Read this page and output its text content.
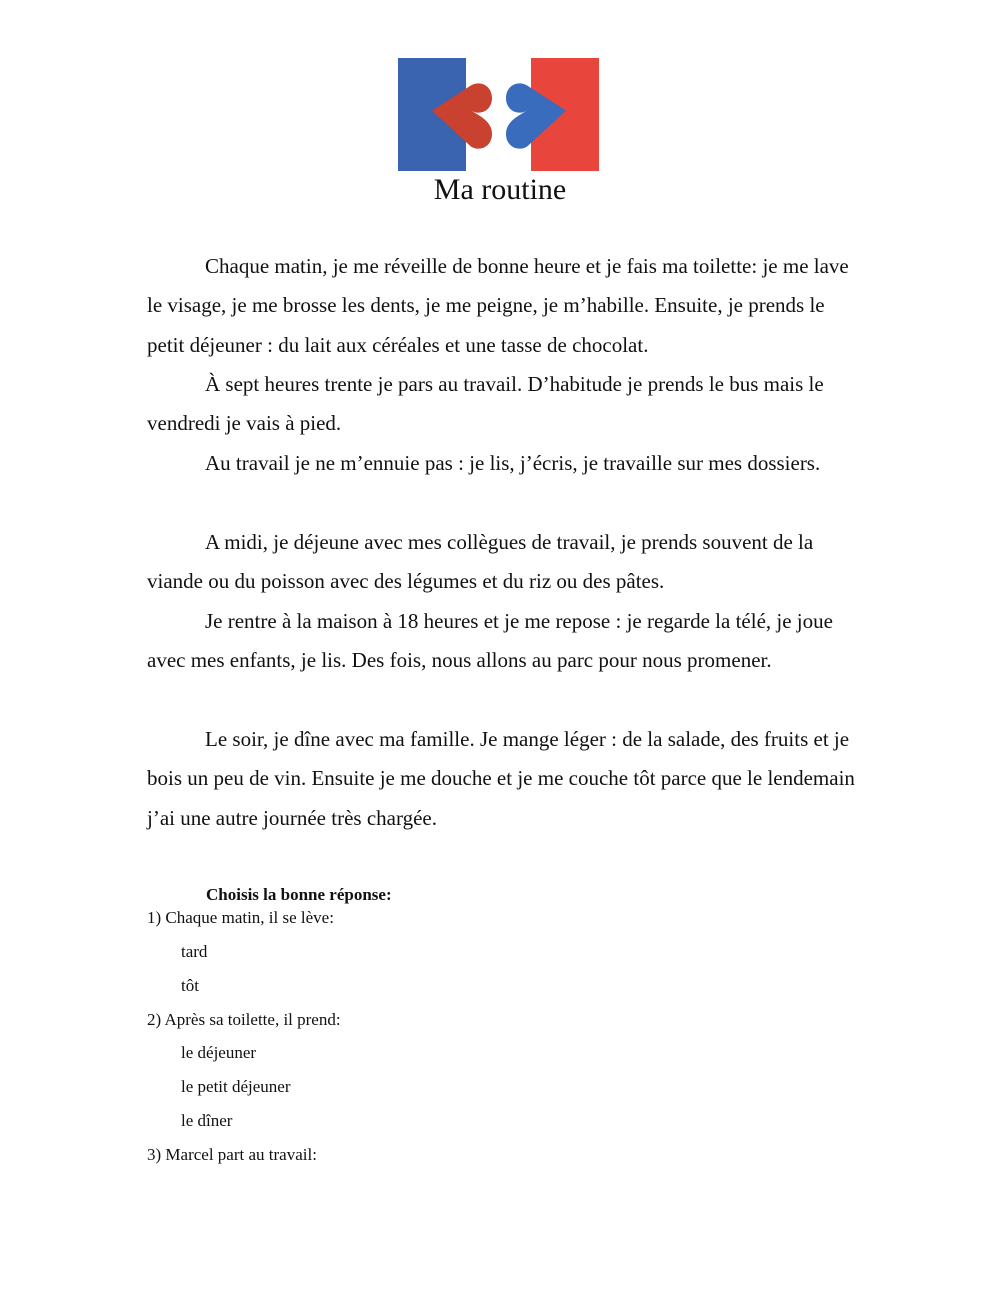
Ma routine

Chaque matin, je me réveille de bonne heure et je fais ma toilette: je me lave le visage, je me brosse les dents, je me peigne, je m’habille. Ensuite, je prends le petit déjeuner : du lait aux céréales et une tasse de chocolat.

À sept heures trente je pars au travail. D’habitude je prends le bus mais le vendredi je vais à pied.

Au travail je ne m’ennuie pas : je lis, j’écris, je travaille sur mes dossiers.

A midi, je déjeune avec mes collègues de travail, je prends souvent de la viande ou du poisson avec des légumes et du riz ou des pâtes.

Je rentre à la maison à 18 heures et je me repose : je regarde la télé, je joue avec mes enfants, je lis. Des fois, nous allons au parc pour nous promener.

Le soir, je dîne avec ma famille. Je mange léger : de la salade, des fruits et je bois un peu de vin. Ensuite je me douche et je me couche tôt parce que le lendemain j’ai une autre journée très chargée.

Choisis la bonne réponse:
1) Chaque matin, il se lève:
tard
tôt
2) Après sa toilette, il prend:
le déjeuner
le petit déjeuner
le dîner
3) Marcel part au travail:
